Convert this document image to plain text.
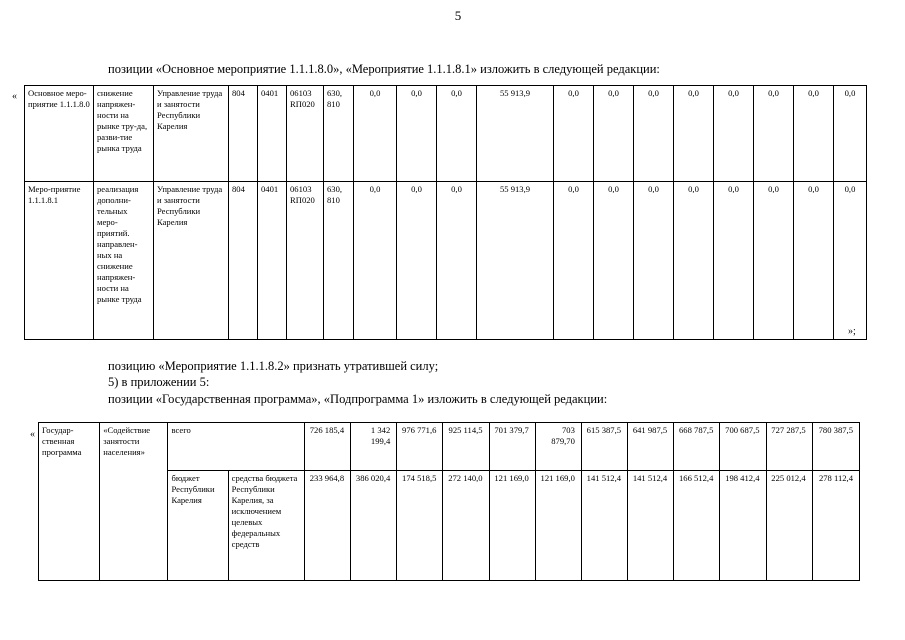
5
позиции «Основное мероприятие 1.1.1.8.0», «Мероприятие 1.1.1.8.1» изложить в следующей редакции:
« Основное меро-приятие 1.1.1.8.0	снижение напряжен-ности на рынке тру-да, разви-тие рынка труда	Управление труда и занятости Республики Карелия	804	0401	06103 RП020	630, 810	0,0	0,0	0,0	55 913,9	0,0	0,0	0,0	0,0	0,0	0,0	0,0	0,0
Меро-приятие 1.1.1.8.1	реализация дополни-тельных меро-приятий. направлен-ных на снижение напряжен-ности на рынке труда	Управление труда и занятости Республики Карелия	804	0401	06103 RП020	630, 810	0,0	0,0	0,0	55 913,9	0,0	0,0	0,0	0,0	0,0	0,0	0,0	0,0
»;
позицию «Мероприятие 1.1.1.8.2» признать утратившей силу;
5) в приложении 5:
позиции «Государственная программа», «Подпрограмма 1» изложить в следующей редакции:
« Государ-ственная программа	«Содействие занятости населения»	всего		726 185,4	1 342 199,4	976 771,6	925 114,5	701 379,7	703 879,70	615 387,5	641 987,5	668 787,5	700 687,5	727 287,5	780 387,5
		бюджет Республики Карелия	средства бюджета Республики Карелия, за исключением целевых федеральных средств	233 964,8	386 020,4	174 518,5	272 140,0	121 169,0	121 169,0	141 512,4	141 512,4	166 512,4	198 412,4	225 012,4	278 112,4
